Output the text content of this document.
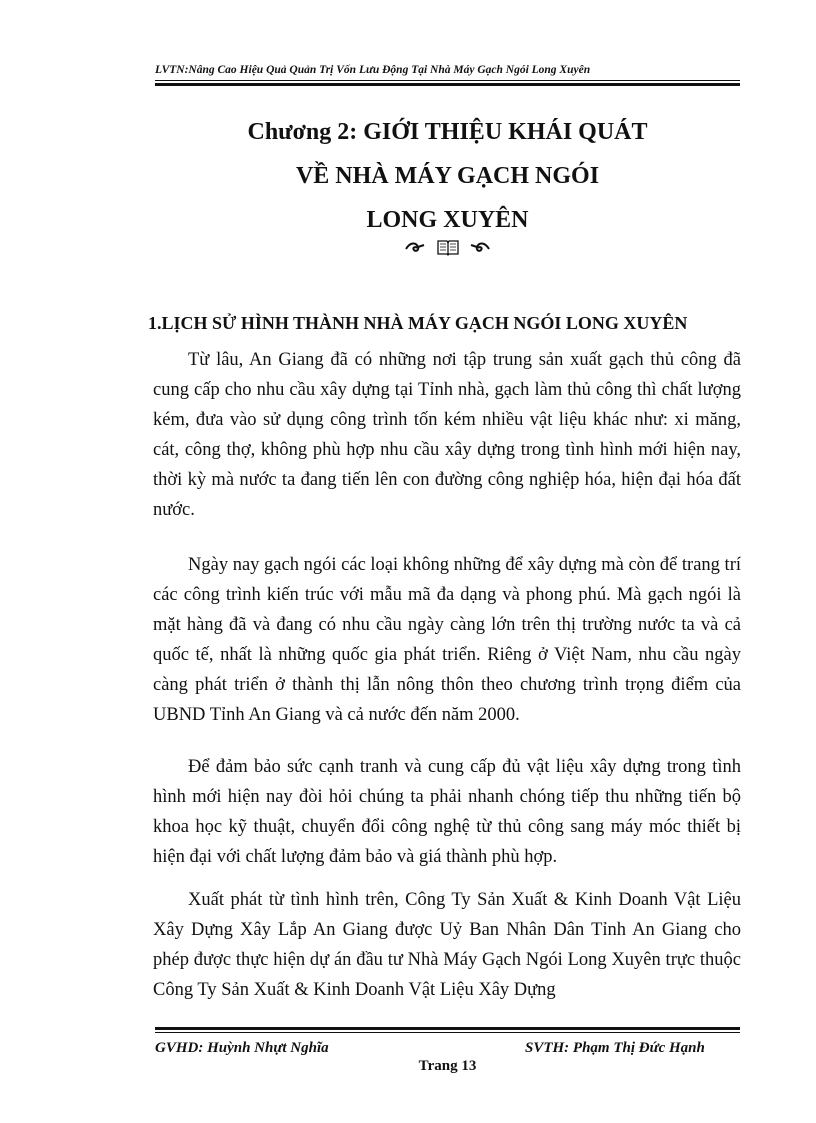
LVTN:Nâng Cao Hiệu Quả Quản Trị Vốn Lưu Động Tại Nhà Máy Gạch Ngói Long Xuyên
Chương 2: GIỚI THIỆU KHÁI QUÁT
VỀ NHÀ MÁY GẠCH NGÓI
LONG XUYÊN

1.LỊCH SỬ HÌNH THÀNH NHÀ MÁY GẠCH NGÓI LONG XUYÊN

Từ lâu, An Giang đã có những nơi tập trung sản xuất gạch thủ công đã cung cấp cho nhu cầu xây dựng tại Tỉnh nhà, gạch làm thủ công thì chất lượng kém, đưa vào sử dụng công trình tốn kém nhiều vật liệu khác như: xi măng, cát, công thợ, không phù hợp nhu cầu xây dựng trong tình hình mới hiện nay, thời kỳ mà nước ta đang tiến lên con đường công nghiệp hóa, hiện đại hóa đất nước.

Ngày nay gạch ngói các loại không những để xây dựng mà còn để trang trí các công trình kiến trúc với mẫu mã đa dạng và phong phú. Mà gạch ngói là mặt hàng đã và đang có nhu cầu ngày càng lớn trên thị trường nước ta và cả quốc tế, nhất là những quốc gia phát triển. Riêng ở Việt Nam, nhu cầu ngày càng phát triển ở thành thị lẫn nông thôn theo chương trình trọng điểm của UBND Tỉnh An Giang và cả nước đến năm 2000.

Để đảm bảo sức cạnh tranh và cung cấp đủ vật liệu xây dựng trong tình hình mới hiện nay đòi hỏi chúng ta phải nhanh chóng tiếp thu những tiến bộ khoa học kỹ thuật, chuyển đổi công nghệ từ thủ công sang máy móc thiết bị hiện đại với chất lượng đảm bảo và giá thành phù hợp.

Xuất phát từ tình hình trên, Công Ty Sản Xuất & Kinh Doanh Vật Liệu Xây Dựng Xây Lắp An Giang được Uỷ Ban Nhân Dân Tỉnh An Giang cho phép được thực hiện dự án đầu tư Nhà Máy Gạch Ngói Long Xuyên trực thuộc Công Ty Sản Xuất & Kinh Doanh Vật Liệu Xây Dựng

GVHD: Huỳnh Nhựt Nghĩa	SVTH: Phạm Thị Đức Hạnh
Trang 13
